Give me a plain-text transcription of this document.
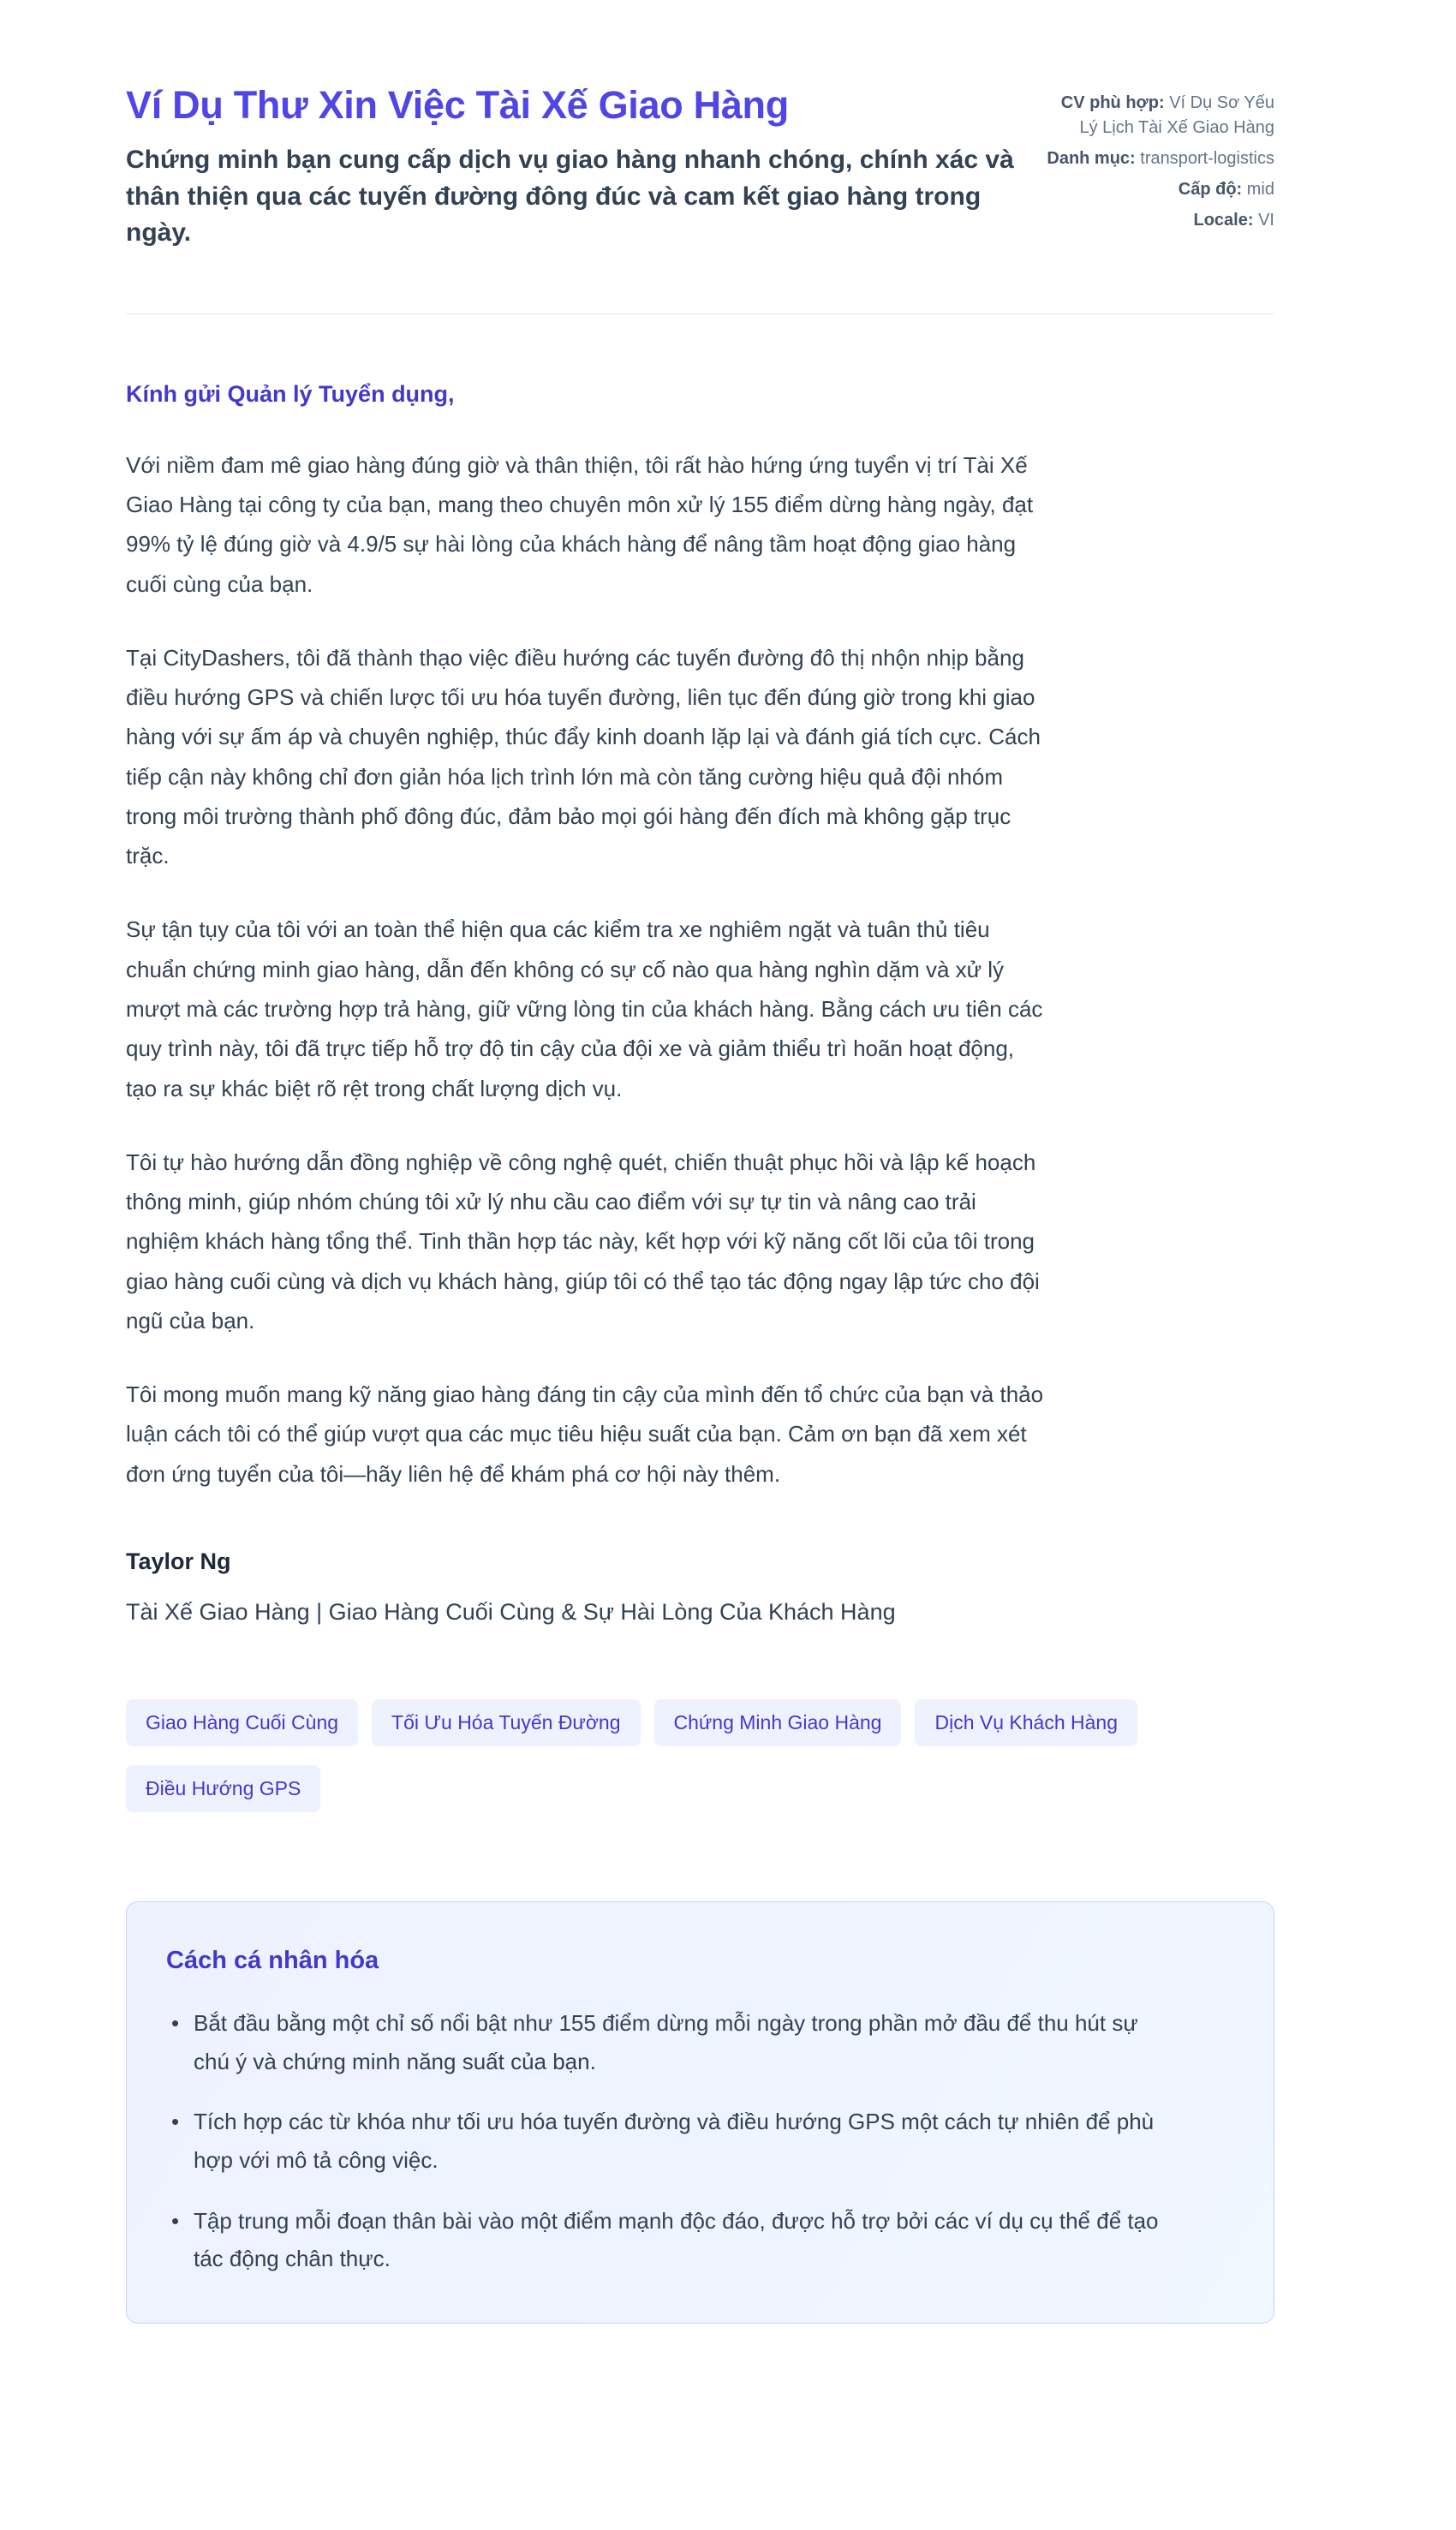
Ví Dụ Thư Xin Việc Tài Xế Giao Hàng

Chứng minh bạn cung cấp dịch vụ giao hàng nhanh chóng, chính xác và thân thiện qua các tuyến đường đông đúc và cam kết giao hàng trong ngày.

CV phù hợp: Ví Dụ Sơ Yếu Lý Lịch Tài Xế Giao Hàng
Danh mục: transport-logistics
Cấp độ: mid
Locale: VI

Kính gửi Quản lý Tuyển dụng,

Với niềm đam mê giao hàng đúng giờ và thân thiện, tôi rất hào hứng ứng tuyển vị trí Tài Xế Giao Hàng tại công ty của bạn, mang theo chuyên môn xử lý 155 điểm dừng hàng ngày, đạt 99% tỷ lệ đúng giờ và 4.9/5 sự hài lòng của khách hàng để nâng tầm hoạt động giao hàng cuối cùng của bạn.

Tại CityDashers, tôi đã thành thạo việc điều hướng các tuyến đường đô thị nhộn nhịp bằng điều hướng GPS và chiến lược tối ưu hóa tuyến đường, liên tục đến đúng giờ trong khi giao hàng với sự ấm áp và chuyên nghiệp, thúc đẩy kinh doanh lặp lại và đánh giá tích cực. Cách tiếp cận này không chỉ đơn giản hóa lịch trình lớn mà còn tăng cường hiệu quả đội nhóm trong môi trường thành phố đông đúc, đảm bảo mọi gói hàng đến đích mà không gặp trục trặc.

Sự tận tụy của tôi với an toàn thể hiện qua các kiểm tra xe nghiêm ngặt và tuân thủ tiêu chuẩn chứng minh giao hàng, dẫn đến không có sự cố nào qua hàng nghìn dặm và xử lý mượt mà các trường hợp trả hàng, giữ vững lòng tin của khách hàng. Bằng cách ưu tiên các quy trình này, tôi đã trực tiếp hỗ trợ độ tin cậy của đội xe và giảm thiểu trì hoãn hoạt động, tạo ra sự khác biệt rõ rệt trong chất lượng dịch vụ.

Tôi tự hào hướng dẫn đồng nghiệp về công nghệ quét, chiến thuật phục hồi và lập kế hoạch thông minh, giúp nhóm chúng tôi xử lý nhu cầu cao điểm với sự tự tin và nâng cao trải nghiệm khách hàng tổng thể. Tinh thần hợp tác này, kết hợp với kỹ năng cốt lõi của tôi trong giao hàng cuối cùng và dịch vụ khách hàng, giúp tôi có thể tạo tác động ngay lập tức cho đội ngũ của bạn.

Tôi mong muốn mang kỹ năng giao hàng đáng tin cậy của mình đến tổ chức của bạn và thảo luận cách tôi có thể giúp vượt qua các mục tiêu hiệu suất của bạn. Cảm ơn bạn đã xem xét đơn ứng tuyển của tôi—hãy liên hệ để khám phá cơ hội này thêm.

Taylor Ng

Tài Xế Giao Hàng | Giao Hàng Cuối Cùng & Sự Hài Lòng Của Khách Hàng

Giao Hàng Cuối Cùng	Tối Ưu Hóa Tuyến Đường	Chứng Minh Giao Hàng	Dịch Vụ Khách Hàng
Điều Hướng GPS
Cách cá nhân hóa
• Bắt đầu bằng một chỉ số nổi bật như 155 điểm dừng mỗi ngày trong phần mở đầu để thu hút sự chú ý và chứng minh năng suất của bạn.
• Tích hợp các từ khóa như tối ưu hóa tuyến đường và điều hướng GPS một cách tự nhiên để phù hợp với mô tả công việc.
• Tập trung mỗi đoạn thân bài vào một điểm mạnh độc đáo, được hỗ trợ bởi các ví dụ cụ thể để tạo tác động chân thực.
